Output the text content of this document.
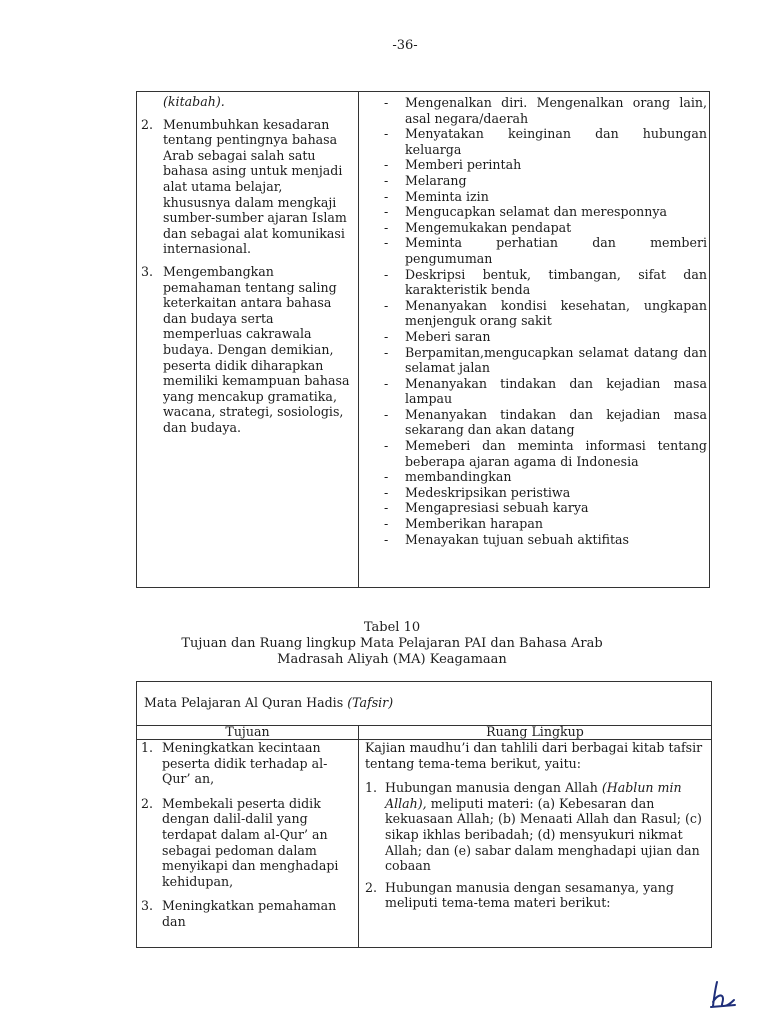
-36-
(kitabah).
2. Menumbuhkan kesadaran tentang pentingnya bahasa Arab sebagai salah satu bahasa asing untuk menjadi alat utama belajar, khususnya dalam mengkaji sumber-sumber ajaran Islam dan sebagai alat komunikasi internasional.
3. Mengembangkan pemahaman tentang saling keterkaitan antara bahasa dan budaya serta memperluas cakrawala budaya. Dengan demikian, peserta didik diharapkan memiliki kemampuan bahasa yang mencakup gramatika, wacana, strategi, sosiologis, dan budaya.
- Mengenalkan diri. Mengenalkan orang lain, asal negara/daerah
- Menyatakan keinginan dan hubungan keluarga
- Memberi perintah
- Melarang
- Meminta izin
- Mengucapkan selamat dan meresponnya
- Mengemukakan pendapat
- Meminta perhatian dan memberi pengumuman
- Deskripsi bentuk, timbangan, sifat dan karakteristik benda
- Menanyakan kondisi kesehatan, ungkapan menjenguk orang sakit
- Meberi saran
- Berpamitan,mengucapkan selamat datang dan selamat jalan
- Menanyakan tindakan dan kejadian masa lampau
- Menanyakan tindakan dan kejadian masa sekarang dan akan datang
- Memeberi dan meminta informasi tentang beberapa ajaran agama di Indonesia
- membandingkan
- Medeskripsikan peristiwa
- Mengapresiasi sebuah karya
- Memberikan harapan
- Menayakan tujuan sebuah aktifitas
Tabel 10
Tujuan dan Ruang lingkup Mata Pelajaran PAI dan Bahasa Arab
Madrasah Aliyah (MA) Keagamaan
Mata Pelajaran Al Quran Hadis (Tafsir)
Tujuan	Ruang Lingkup
1. Meningkatkan kecintaan peserta didik terhadap al-Qur’ an,
2. Membekali peserta didik dengan dalil-dalil yang terdapat dalam al-Qur’ an sebagai pedoman dalam menyikapi dan menghadapi kehidupan,
3. Meningkatkan pemahaman dan
Kajian maudhu’i dan tahlili dari berbagai kitab tafsir tentang tema-tema berikut, yaitu:
1. Hubungan manusia dengan Allah (Hablun min Allah), meliputi materi: (a) Kebesaran dan kekuasaan Allah; (b) Menaati Allah dan Rasul; (c) sikap ikhlas beribadah; (d) mensyukuri nikmat Allah; dan (e) sabar dalam menghadapi ujian dan cobaan
2. Hubungan manusia dengan sesamanya, yang meliputi tema-tema materi berikut:
